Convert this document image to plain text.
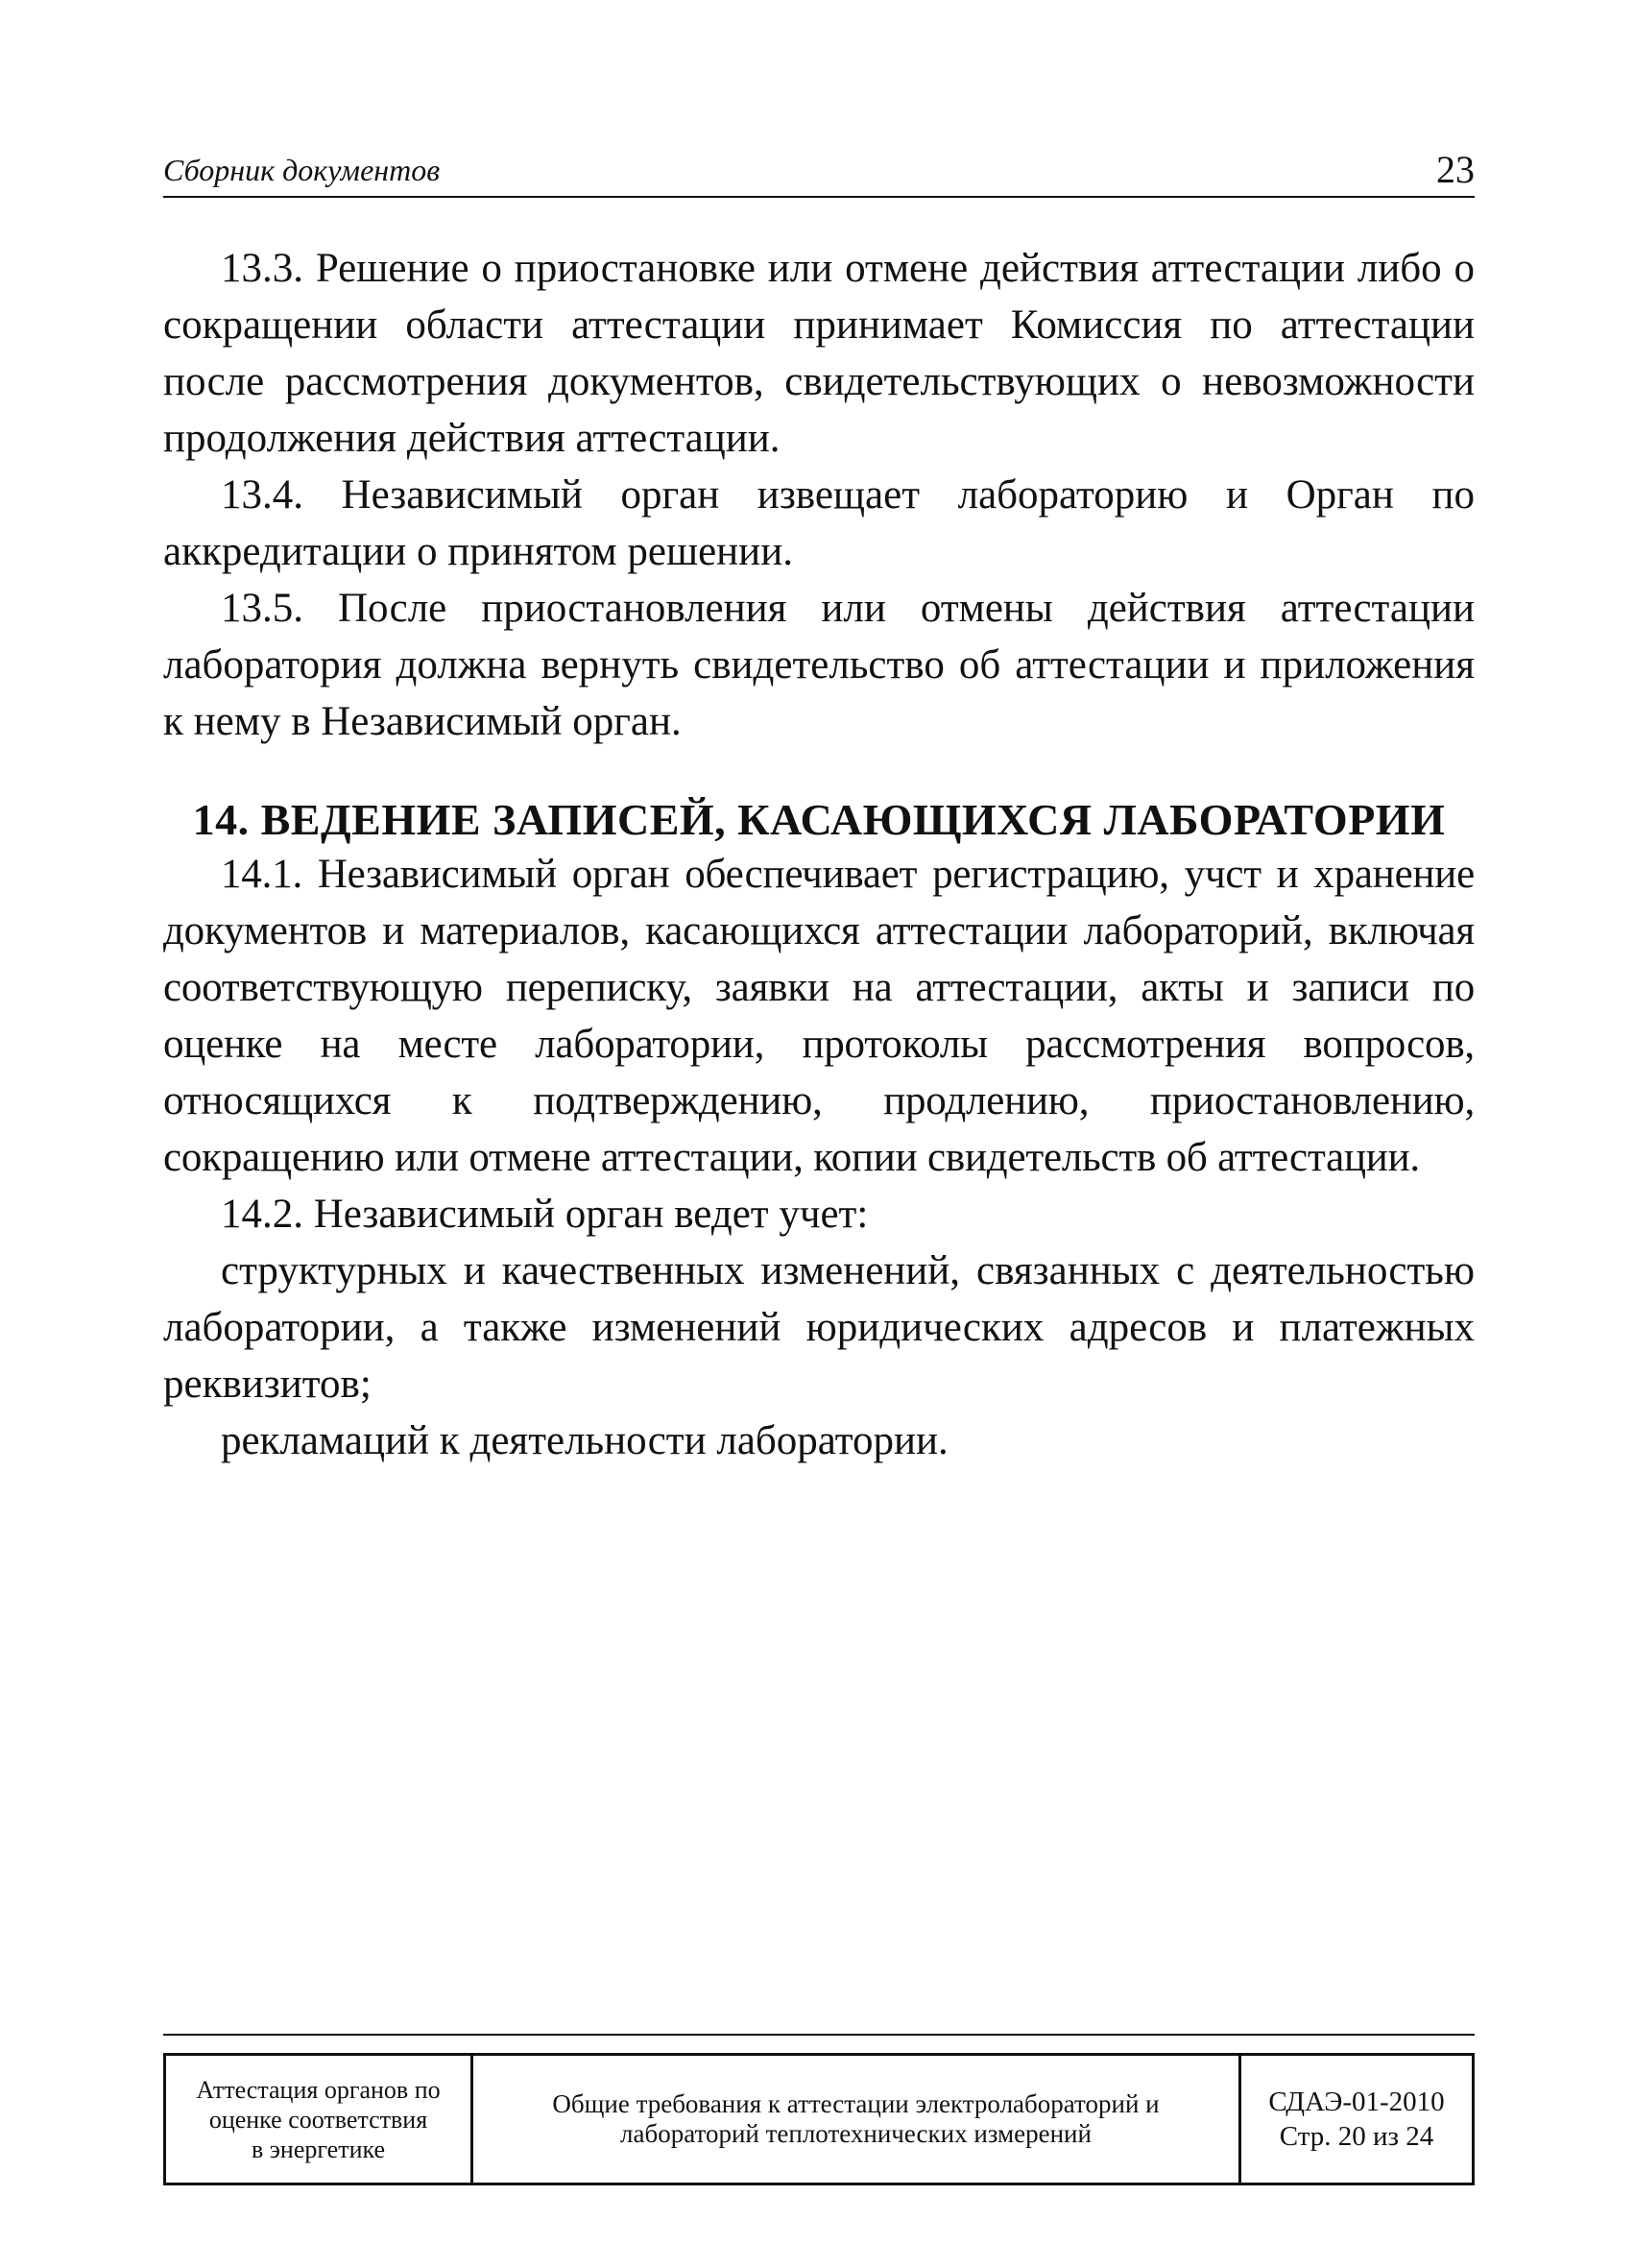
Сборник документов	23

13.3. Решение о приостановке или отмене действия аттестации либо о сокращении области аттестации принимает Комиссия по аттестации после рассмотрения документов, свидетельствующих о невозможности продолжения действия аттестации.

13.4. Независимый орган извещает лабораторию и Орган по аккредитации о принятом решении.

13.5. После приостановления или отмены действия аттестации лаборатория должна вернуть свидетельство об аттестации и приложения к нему в Независимый орган.

14. ВЕДЕНИЕ ЗАПИСЕЙ, КАСАЮЩИХСЯ ЛАБОРАТОРИИ

14.1. Независимый орган обеспечивает регистрацию, учст и хранение документов и материалов, касающихся аттестации лабораторий, включая соответствующую переписку, заявки на аттестации, акты и записи по оценке на месте лаборатории, протоколы рассмотрения вопросов, относящихся к подтверждению, продлению, приостановлению, сокращению или отмене аттестации, копии свидетельств об аттестации.

14.2. Независимый орган ведет учет:

структурных и качественных изменений, связанных с деятельностью лаборатории, а также изменений юридических адресов и платежных реквизитов;

рекламаций к деятельности лаборатории.

Аттестация органов по
оценке соответствия
в энергетике
Общие требования к аттестации электролабораторий и
лабораторий теплотехнических измерений
СДАЭ-01-2010
Стр. 20 из 24
